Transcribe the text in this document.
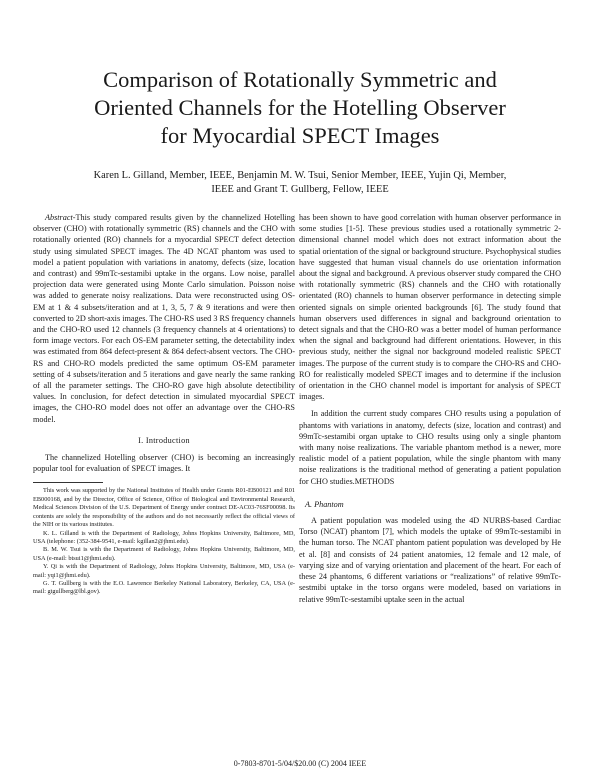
Comparison of Rotationally Symmetric and
Oriented Channels for the Hotelling Observer
for Myocardial SPECT Images
Karen L. Gilland, Member, IEEE, Benjamin M. W. Tsui, Senior Member, IEEE, Yujin Qi, Member,
IEEE and Grant T. Gullberg, Fellow, IEEE

Abstract-This study compared results given by the channelized Hotelling observer (CHO) with rotationally symmetric (RS) channels and the CHO with rotationally oriented (RO) channels for a myocardial SPECT defect detection study using simulated SPECT images. The 4D NCAT phantom was used to model a patient population with variations in anatomy, defects (size, location and contrast) and 99mTc-sestamibi uptake in the organs. Low noise, parallel projection data were generated using Monte Carlo simulation. Poisson noise was added to generate noisy realizations. Data were reconstructed using OS-EM at 1 & 4 subsets/iteration and at 1, 3, 5, 7 & 9 iterations and were then converted to 2D short-axis images. The CHO-RS used 3 RS frequency channels and the CHO-RO used 12 channels (3 frequency channels at 4 orientations) to form image vectors. For each OS-EM parameter setting, the detectability index was estimated from 864 defect-present & 864 defect-absent vectors. The CHO-RS and CHO-RO models predicted the same optimum OS-EM parameter setting of 4 subsets/iteration and 5 iterations and gave nearly the same ranking of all the parameter settings. The CHO-RO gave high absolute detectibility values. In conclusion, for defect detection in simulated myocardial SPECT images, the CHO-RO model does not offer an advantage over the CHO-RS model.

I. Introduction

The channelized Hotelling observer (CHO) is becoming an increasingly popular tool for evaluation of SPECT images. It

This work was supported by the National Institutes of Health under Grants R01-EB00121 and R01 EB000168, and by the Director, Office of Science, Office of Biological and Environmental Research, Medical Sciences Division of the U.S. Department of Energy under contract DE-AC03-76SF00098. Its contents are solely the responsibility of the authors and do not necessarily reflect the official views of the NIH or its various institutes.

K. L. Gilland is with the Department of Radiology, Johns Hopkins University, Baltimore, MD, USA (telephone: (352-384-9541, e-mail: kgillan2@jhmi.edu).

B. M. W. Tsui is with the Department of Radiology, Johns Hopkins University, Baltimore, MD, USA (e-mail: btsui1@jhmi.edu).

Y. Qi is with the Department of Radiology, Johns Hopkins University, Baltimore, MD, USA (e-mail: yqi1@jhmi.edu).

G. T. Gullberg is with the E.O. Lawrence Berkeley National Laboratory, Berkeley, CA, USA (e-mail: gtgullberg@lbl.gov).

has been shown to have good correlation with human observer performance in some studies [1-5]. These previous studies used a rotationally symmetric 2-dimensional channel model which does not extract information about the spatial orientation of the signal or background structure. Psychophysical studies have suggested that human visual channels do use orientation information about the signal and background. A previous observer study compared the CHO with rotationally symmetric (RS) channels and the CHO with rotationally orientated (RO) channels to human observer performance in detecting simple oriented signals on simple oriented backgrounds [6]. The study found that human observers used differences in signal and background orientation to detect signals and that the CHO-RO was a better model of human performance when the signal and background had different orientations. However, in this previous study, neither the signal nor background modeled realistic SPECT images. The purpose of the current study is to compare the CHO-RS and CHO-RO for realistically modeled SPECT images and to determine if the inclusion of orientation in the CHO channel model is important for analysis of SPECT images.

In addition the current study compares CHO results using a population of phantoms with variations in anatomy, defects (size, location and contrast) and 99mTc-sestamibi organ uptake to CHO results using only a single phantom with many noise realizations. The variable phantom method is a newer, more realistic model of a patient population, while the single phantom with many noise realizations is the traditional method of generating a patient population for CHO studies.METHODS

A. Phantom

A patient population was modeled using the 4D NURBS-based Cardiac Torso (NCAT) phantom [7], which models the uptake of 99mTc-sestamibi in the human torso. The NCAT phantom patient population was developed by He et al. [8] and consists of 24 patient anatomies, 12 female and 12 male, of varying size and of varying orientation and placement of the heart. For each of these 24 phantoms, 6 different variations or “realizations” of relative 99mTc-sestmibi uptake in the torso organs were modeled, based on variations in relative 99mTc-sestamibi uptake seen in the actual

0-7803-8701-5/04/$20.00 (C) 2004 IEEE
